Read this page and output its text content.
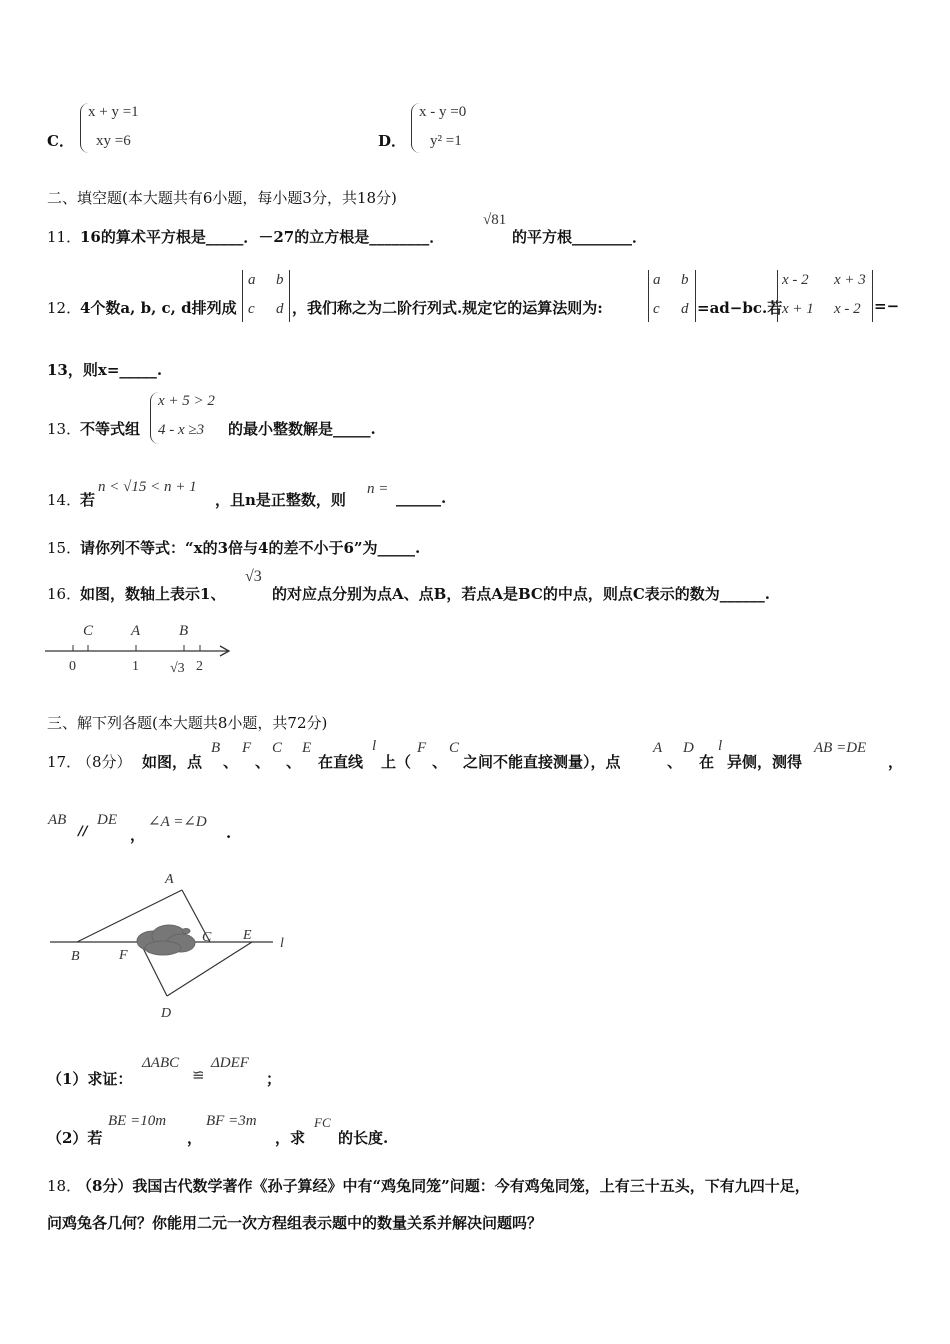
C．
x + y =1
xy =6	D．
x - y =0
y² =1
二、填空题(本大题共有6小题，每小题3分，共18分)
11．
16的算术平方根是_____．－27的立方根是________．
√81
的平方根________．
12．
4个数a, b, c, d排列成
a b
c d ，我们称之为二阶行列式.规定它的运算法则为:
a b
c d =ad−bc.若
x - 2 x + 3
x + 1 x - 2 =−
13，则x=_____.
13．
不等式组
x + 5 > 2
4 - x ≥3 的最小整数解是_____.
14．
若
n < √15 < n + 1
，且n是正整数，则
n = ______.
15．
请你列不等式：“x的3倍与4的差不小于6”为_____.
16．
如图，数轴上表示1、
√3
的对应点分别为点A、点B，若点A是BC的中点，则点C表示的数为______.
C	A	B
0	1 √3 2
三、解下列各题(本大题共8小题，共72分)
17．
（8分） 如图，点
B
、
F
、
C
、
E
在直线
l
上（
F
、
C
之间不能直接测量），点
A
、
D
在
l
异侧，测得
AB =DE
，
AB
//
DE
，
∠A =∠D
.
A
B
C
D
E
F
l
（1）求证：
ΔABC
≌
ΔDEF
；
（2）若
BE =10m
，
BF =3m
，求
FC
的长度.
18．
（8分）我国古代数学著作《孙子算经》中有“鸡兔同笼”问题：今有鸡兔同笼，上有三十五头，下有九四十足，
问鸡兔各几何？你能用二元一次方程组表示题中的数量关系并解决问题吗？
